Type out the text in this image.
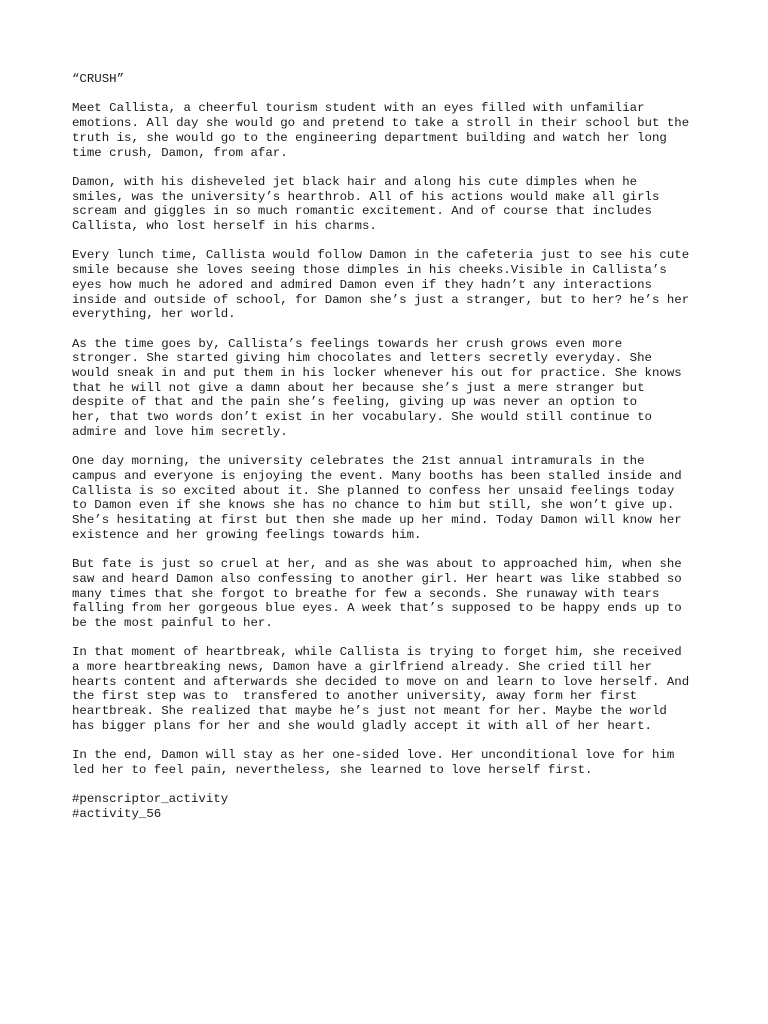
“CRUSH”
Meet Callista, a cheerful tourism student with an eyes filled with unfamiliar
emotions. All day she would go and pretend to take a stroll in their school but the
truth is, she would go to the engineering department building and watch her long
time crush, Damon, from afar.
Damon, with his disheveled jet black hair and along his cute dimples when he
smiles, was the university’s hearthrob. All of his actions would make all girls
scream and giggles in so much romantic excitement. And of course that includes
Callista, who lost herself in his charms.
Every lunch time, Callista would follow Damon in the cafeteria just to see his cute
smile because she loves seeing those dimples in his cheeks.Visible in Callista’s
eyes how much he adored and admired Damon even if they hadn’t any interactions
inside and outside of school, for Damon she’s just a stranger, but to her? he’s her
everything, her world.
As the time goes by, Callista’s feelings towards her crush grows even more
stronger. She started giving him chocolates and letters secretly everyday. She
would sneak in and put them in his locker whenever his out for practice. She knows
that he will not give a damn about her because she’s just a mere stranger but
despite of that and the pain she’s feeling, giving up was never an option to
her, that two words don’t exist in her vocabulary. She would still continue to
admire and love him secretly.
One day morning, the university celebrates the 21st annual intramurals in the
campus and everyone is enjoying the event. Many booths has been stalled inside and
Callista is so excited about it. She planned to confess her unsaid feelings today
to Damon even if she knows she has no chance to him but still, she won’t give up.
She’s hesitating at first but then she made up her mind. Today Damon will know her
existence and her growing feelings towards him.
But fate is just so cruel at her, and as she was about to approached him, when she
saw and heard Damon also confessing to another girl. Her heart was like stabbed so
many times that she forgot to breathe for few a seconds. She runaway with tears
falling from her gorgeous blue eyes. A week that’s supposed to be happy ends up to
be the most painful to her.
In that moment of heartbreak, while Callista is trying to forget him, she received
a more heartbreaking news, Damon have a girlfriend already. She cried till her
hearts content and afterwards she decided to move on and learn to love herself. And
the first step was to  transfered to another university, away form her first
heartbreak. She realized that maybe he’s just not meant for her. Maybe the world
has bigger plans for her and she would gladly accept it with all of her heart.
In the end, Damon will stay as her one-sided love. Her unconditional love for him
led her to feel pain, nevertheless, she learned to love herself first.
#penscriptor_activity
#activity_56
